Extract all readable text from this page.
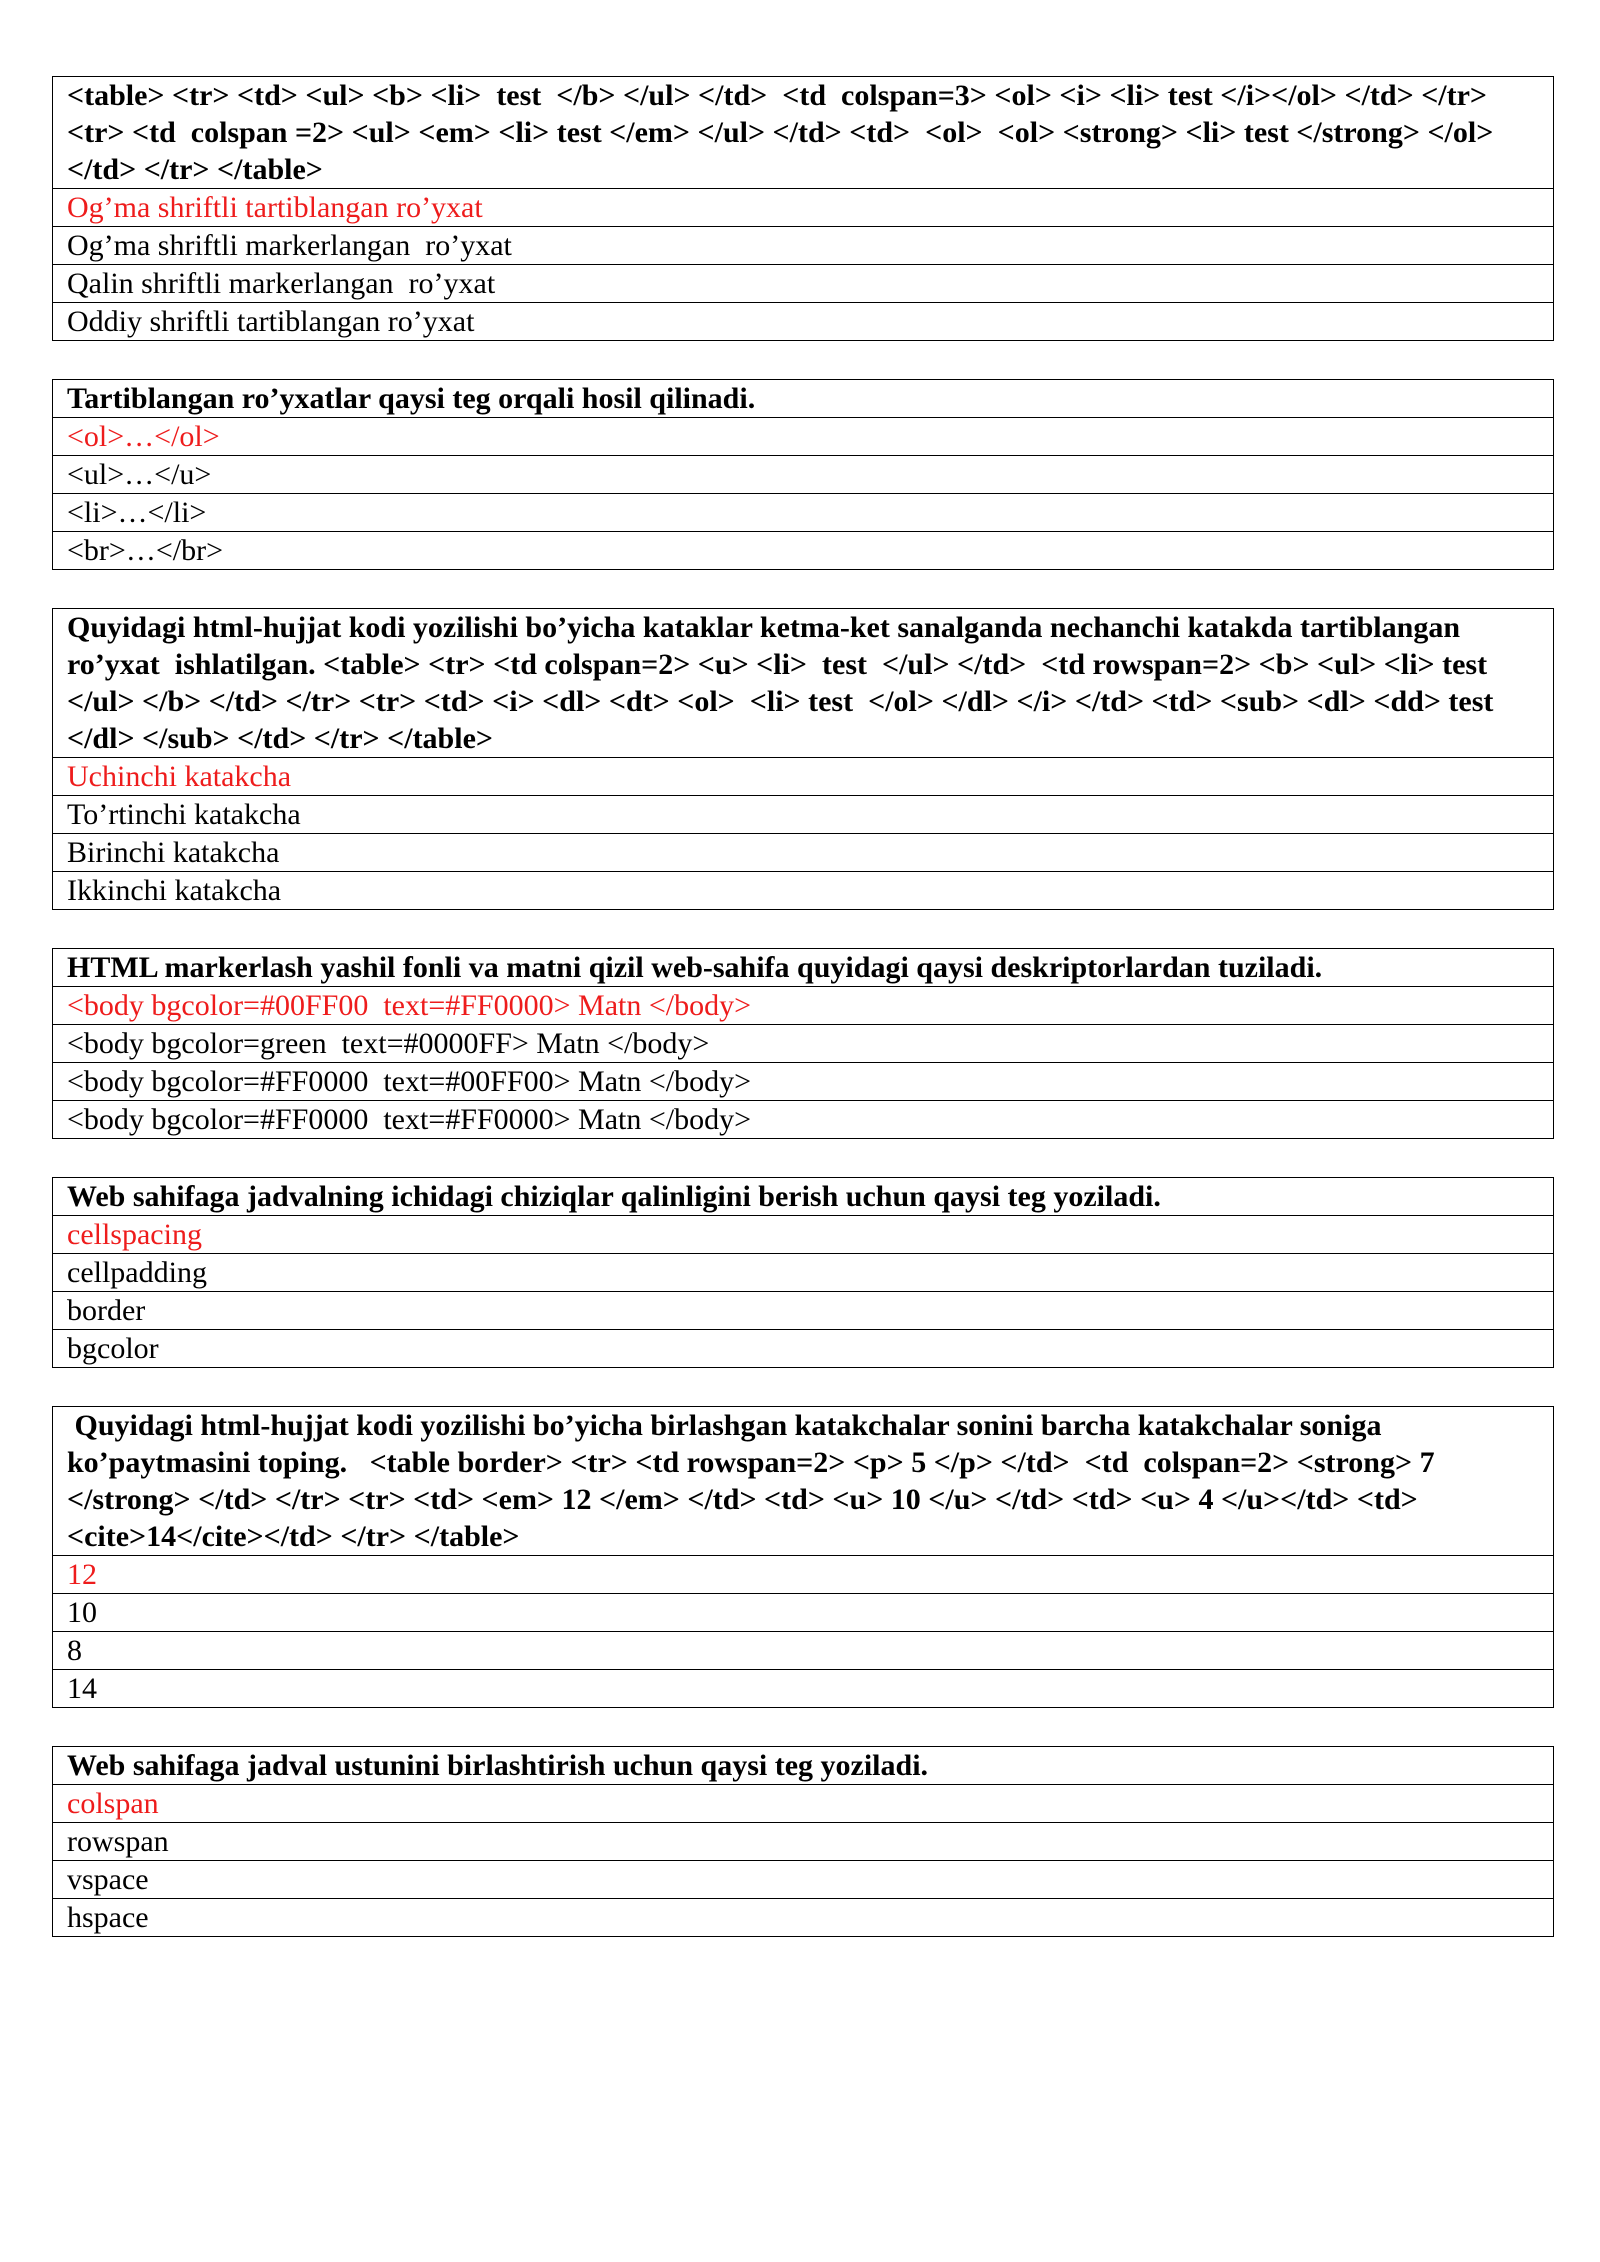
<table> <tr> <td> <ul> <b> <li>  test  </b> </ul> </td>  <td  colspan=3> <ol> <i> <li> test </i></ol> </td> </tr> <tr> <td  colspan =2> <ul> <em> <li> test </em> </ul> </td> <td>  <ol>  <ol> <strong> <li> test </strong> </ol> </td> </tr> </table>
Og’ma shriftli tartiblangan ro’yxat
Og’ma shriftli markerlangan  ro’yxat
Qalin shriftli markerlangan  ro’yxat
Oddiy shriftli tartiblangan ro’yxat
Tartiblangan ro’yxatlar qaysi teg orqali hosil qilinadi.
<ol>…</ol>
<ul>…</u>
<li>…</li>
<br>…</br>
Quyidagi html-hujjat kodi yozilishi bo’yicha kataklar ketma-ket sanalganda nechanchi katakda tartiblangan ro’yxat  ishlatilgan. <table> <tr> <td colspan=2> <u> <li>  test  </ul> </td>  <td rowspan=2> <b> <ul> <li> test </ul> </b> </td> </tr> <tr> <td> <i> <dl> <dt> <ol>  <li> test  </ol> </dl> </i> </td> <td> <sub> <dl> <dd> test </dl> </sub> </td> </tr> </table>
Uchinchi katakcha
To’rtinchi katakcha
Birinchi katakcha
Ikkinchi katakcha
HTML markerlash yashil fonli va matni qizil web-sahifa quyidagi qaysi deskriptorlardan tuziladi.
<body bgcolor=#00FF00  text=#FF0000> Matn </body>
<body bgcolor=green  text=#0000FF> Matn </body>
<body bgcolor=#FF0000  text=#00FF00> Matn </body>
<body bgcolor=#FF0000  text=#FF0000> Matn </body>
Web sahifaga jadvalning ichidagi chiziqlar qalinligini berish uchun qaysi teg yoziladi.
cellspacing
cellpadding
border
bgcolor
Quyidagi html-hujjat kodi yozilishi bo’yicha birlashgan katakchalar sonini barcha katakchalar soniga ko’paytmasini toping.   <table border> <tr> <td rowspan=2> <p> 5 </p> </td>  <td  colspan=2> <strong> 7 </strong> </td> </tr> <tr> <td> <em> 12 </em> </td> <td> <u> 10 </u> </td> <td> <u> 4 </u></td> <td><cite>14</cite></td> </tr> </table>
12
10
8
14
Web sahifaga jadval ustunini birlashtirish uchun qaysi teg yoziladi.
colspan
rowspan
vspace
hspace
